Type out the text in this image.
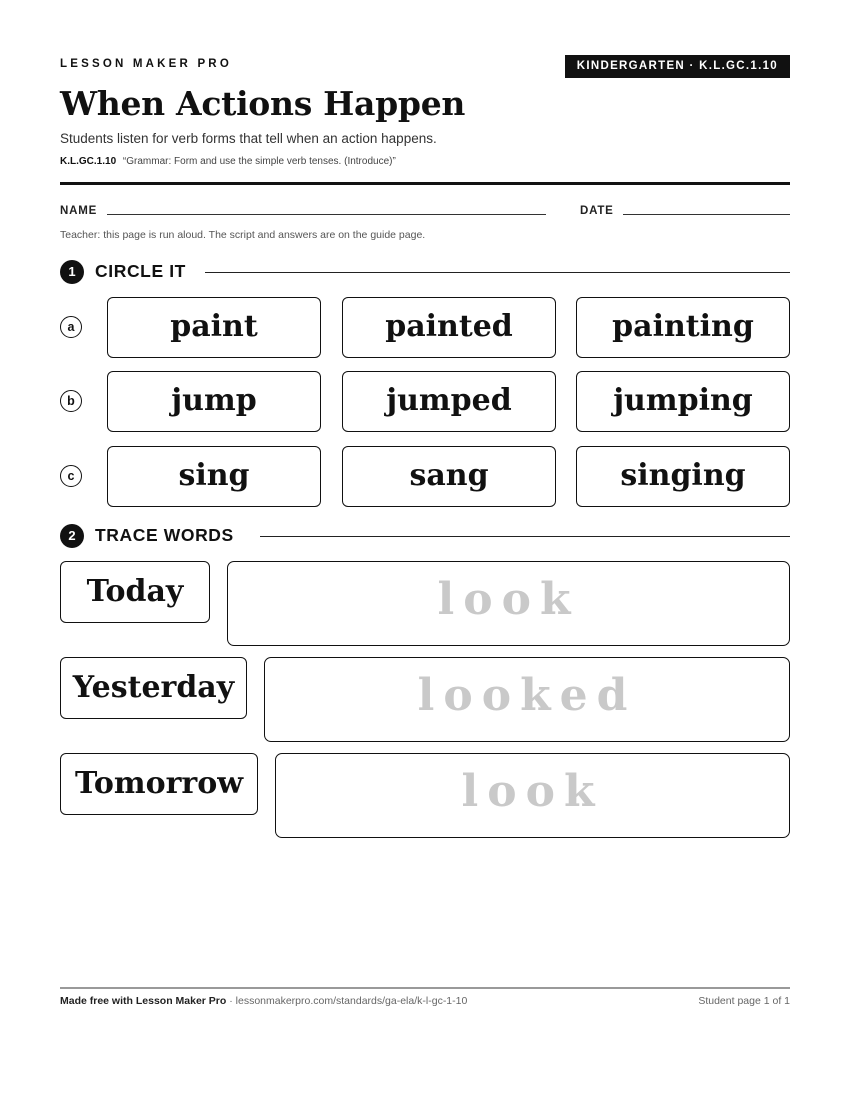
LESSON MAKER PRO	KINDERGARTEN · K.L.GC.1.10
When Actions Happen
Students listen for verb forms that tell when an action happens.
K.L.GC.1.10 “Grammar: Form and use the simple verb tenses. (Introduce)”
NAME	DATE
Teacher: this page is run aloud. The script and answers are on the guide page.
1	CIRCLE IT
a	paint	painted	painting
b	jump	jumped	jumping
c	sing	sang	singing
2	TRACE WORDS
Today	look
Yesterday	looked
Tomorrow	look
Made free with Lesson Maker Pro · lessonmakerpro.com/standards/ga-ela/k-l-gc-1-10	Student page 1 of 1
